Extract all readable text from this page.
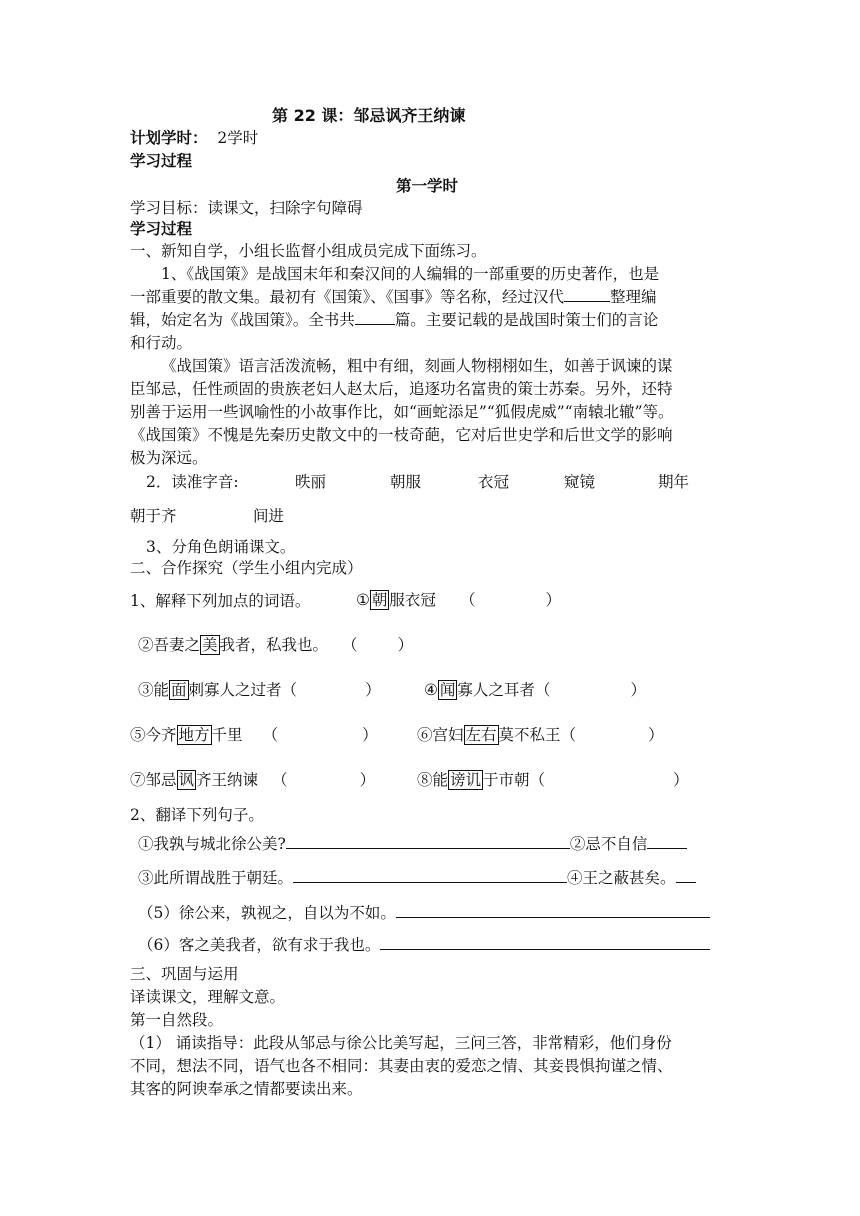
第 22 课：邹忌讽齐王纳谏
计划学时： 2学时
学习过程
第一学时
学习目标：读课文，扫除字句障碍
学习过程
一、新知自学，小组长监督小组成员完成下面练习。
1、《战国策》是战国末年和秦汉间的人编辑的一部重要的历史著作，也是
一部重要的散文集。最初有《国策》、《国事》等名称，经过汉代	整理编
辑，始定名为《战国策》。全书共	篇。主要记载的是战国时策士们的言论
和行动。
《战国策》语言活泼流畅，粗中有细，刻画人物栩栩如生，如善于讽谏的谋
臣邹忌，任性顽固的贵族老妇人赵太后，追逐功名富贵的策士苏秦。另外，还特
别善于运用一些讽喻性的小故事作比，如“画蛇添足”“狐假虎威”“南辕北辙”等。
《战国策》不愧是先秦历史散文中的一枝奇葩，它对后世史学和后世文学的影响
极为深远。
2．读准字音:	昳丽	朝服	衣冠	窥镜	期年
朝于齐	间进
3、分角色朗诵课文。
二、合作探究（学生小组内完成）
1、解释下列加点的词语。	① 朝 服衣冠 （	）
②吾妻之 美 我者，私我也。 （	）
③能 面 刺寡人之过者（	）	④ 闻 寡人之耳者（	）
⑤今齐 地方 千里 （	）	⑥宫妇 左右 莫不私王（	）
⑦邹忌 讽 齐王纳谏 （	）	⑧能 谤讥 于市朝（	）
2、翻译下列句子。
①我孰与城北徐公美?	②忌不自信
③此所谓战胜于朝廷。	④王之蔽甚矣。
（5）徐公来，孰视之，自以为不如。
（6）客之美我者，欲有求于我也。
三、巩固与运用
译读课文，理解文意。
第一自然段。
（1） 诵读指导：此段从邹忌与徐公比美写起，三问三答，非常精彩，他们身份
不同，想法不同，语气也各不相同：其妻由衷的爱恋之情、其妾畏惧拘谨之情、
其客的阿谀奉承之情都要读出来。
